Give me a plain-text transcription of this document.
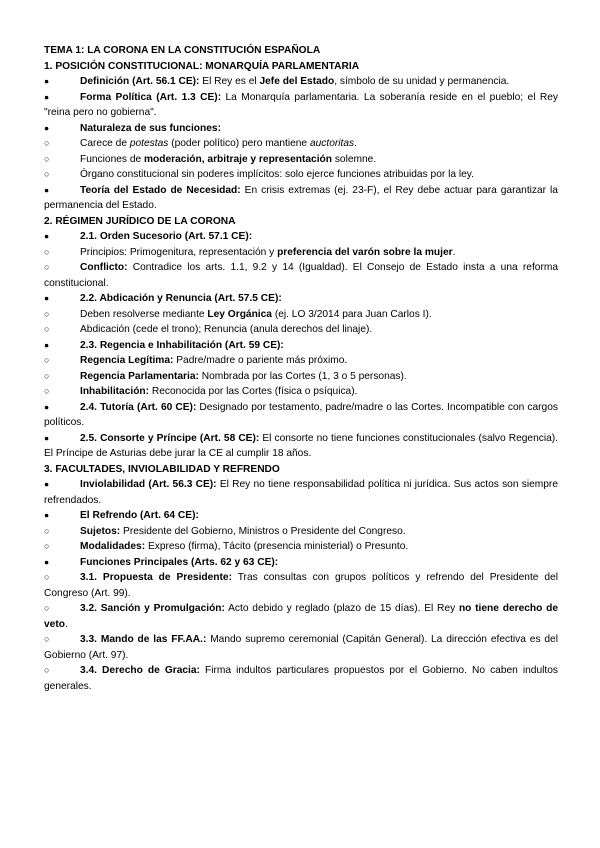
TEMA 1: LA CORONA EN LA CONSTITUCIÓN ESPAÑOLA
1. POSICIÓN CONSTITUCIONAL: MONARQUÍA PARLAMENTARIA
●	Definición (Art. 56.1 CE): El Rey es el Jefe del Estado, símbolo de su unidad y permanencia.
●	Forma Política (Art. 1.3 CE): La Monarquía parlamentaria. La soberanía reside en el pueblo; el Rey "reina pero no gobierna".
●	Naturaleza de sus funciones:
○	Carece de potestas (poder político) pero mantiene auctoritas.
○	Funciones de moderación, arbitraje y representación solemne.
○	Órgano constitucional sin poderes implícitos: solo ejerce funciones atribuidas por la ley.
●	Teoría del Estado de Necesidad: En crisis extremas (ej. 23-F), el Rey debe actuar para garantizar la permanencia del Estado.
2. RÉGIMEN JURÍDICO DE LA CORONA
●	2.1. Orden Sucesorio (Art. 57.1 CE):
○	Principios: Primogenitura, representación y preferencia del varón sobre la mujer.
○	Conflicto: Contradice los arts. 1.1, 9.2 y 14 (Igualdad). El Consejo de Estado insta a una reforma constitucional.
●	2.2. Abdicación y Renuncia (Art. 57.5 CE):
○	Deben resolverse mediante Ley Orgánica (ej. LO 3/2014 para Juan Carlos I).
○	Abdicación (cede el trono); Renuncia (anula derechos del linaje).
●	2.3. Regencia e Inhabilitación (Art. 59 CE):
○	Regencia Legítima: Padre/madre o pariente más próximo.
○	Regencia Parlamentaria: Nombrada por las Cortes (1, 3 o 5 personas).
○	Inhabilitación: Reconocida por las Cortes (física o psíquica).
●	2.4. Tutoría (Art. 60 CE): Designado por testamento, padre/madre o las Cortes. Incompatible con cargos políticos.
●	2.5. Consorte y Príncipe (Art. 58 CE): El consorte no tiene funciones constitucionales (salvo Regencia). El Príncipe de Asturias debe jurar la CE al cumplir 18 años.
3. FACULTADES, INVIOLABILIDAD Y REFRENDO
●	Inviolabilidad (Art. 56.3 CE): El Rey no tiene responsabilidad política ni jurídica. Sus actos son siempre refrendados.
●	El Refrendo (Art. 64 CE):
○	Sujetos: Presidente del Gobierno, Ministros o Presidente del Congreso.
○	Modalidades: Expreso (firma), Tácito (presencia ministerial) o Presunto.
●	Funciones Principales (Arts. 62 y 63 CE):
○	3.1. Propuesta de Presidente: Tras consultas con grupos políticos y refrendo del Presidente del Congreso (Art. 99).
○	3.2. Sanción y Promulgación: Acto debido y reglado (plazo de 15 días). El Rey no tiene derecho de veto.
○	3.3. Mando de las FF.AA.: Mando supremo ceremonial (Capitán General). La dirección efectiva es del Gobierno (Art. 97).
○	3.4. Derecho de Gracia: Firma indultos particulares propuestos por el Gobierno. No caben indultos generales.
